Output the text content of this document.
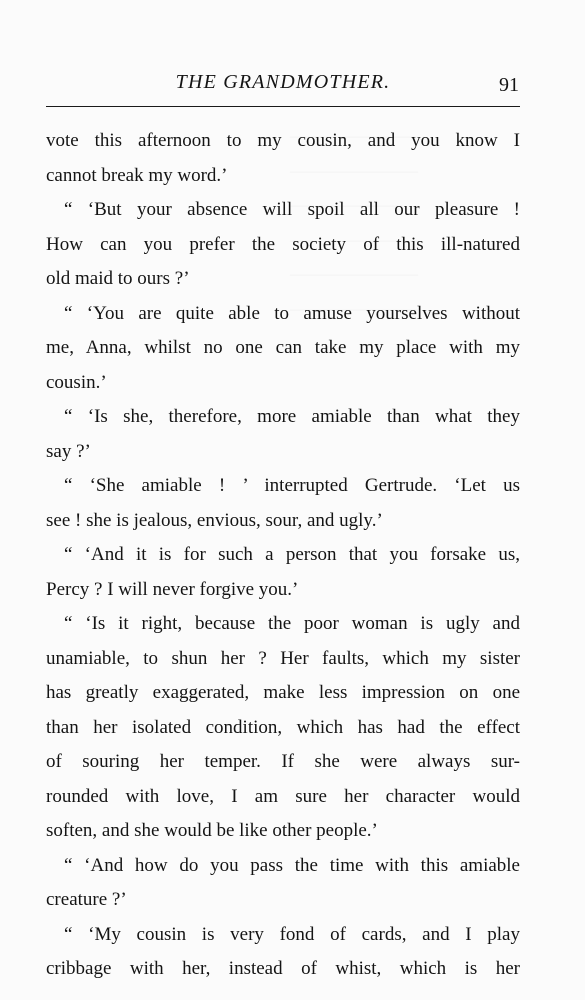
THE GRANDMOTHER.	91
vote this afternoon to my cousin, and you know I
cannot break my word.’
“ ‘But your absence will spoil all our pleasure !
How can you prefer the society of this ill-natured
old maid to ours ?’
“ ‘You are quite able to amuse yourselves without
me, Anna, whilst no one can take my place with my
cousin.’
“ ‘Is she, therefore, more amiable than what they
say ?’
“ ‘She amiable ! ’ interrupted Gertrude. ‘Let us
see ! she is jealous, envious, sour, and ugly.’
“ ‘And it is for such a person that you forsake us,
Percy ? I will never forgive you.’
“ ‘Is it right, because the poor woman is ugly and
unamiable, to shun her ? Her faults, which my sister
has greatly exaggerated, make less impression on one
than her isolated condition, which has had the effect
of souring her temper. If she were always sur-
rounded with love, I am sure her character would
soften, and she would be like other people.’
“ ‘And how do you pass the time with this amiable
creature ?’
“ ‘My cousin is very fond of cards, and I play
cribbage with her, instead of whist, which is her
